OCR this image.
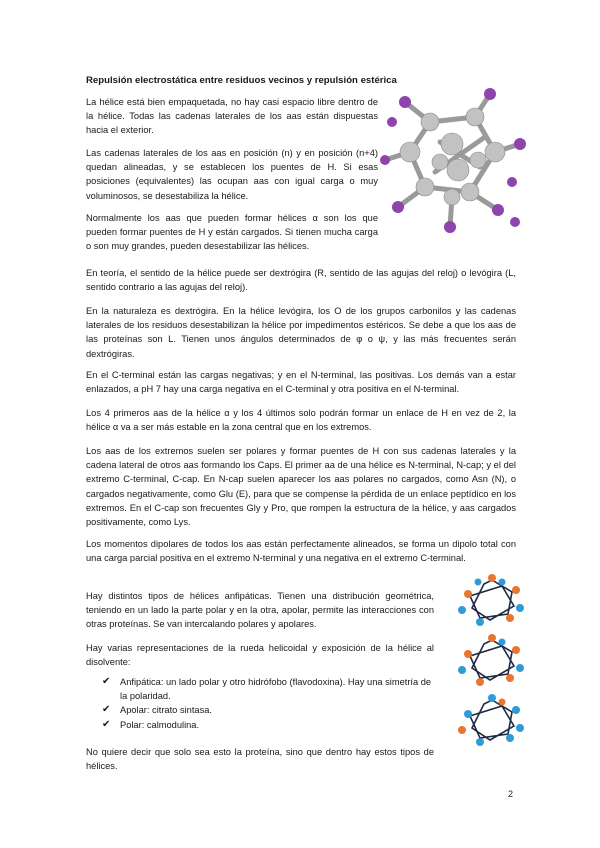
Repulsión electrostática entre residuos vecinos y repulsión estérica

La hélice está bien empaquetada, no hay casi espacio libre dentro de la hélice. Todas las cadenas laterales de los aas están dispuestas hacia el exterior.

Las cadenas laterales de los aas en posición (n) y en posición (n+4) quedan alineadas, y se establecen los puentes de H. Si esas posiciones (equivalentes) las ocupan aas con igual carga o muy voluminosos, se desestabiliza la hélice.

Normalmente los aas que pueden formar hélices α son los que pueden formar puentes de H y están cargados. Si tienen mucha carga o son muy grandes, pueden desestabilizar las hélices.

En teoría, el sentido de la hélice puede ser dextrógira (R, sentido de las agujas del reloj) o levógira (L, sentido contrario a las agujas del reloj).

En la naturaleza es dextrógira. En la hélice levógira, los O de los grupos carbonilos y las cadenas laterales de los residuos desestabilizan la hélice por impedimentos estéricos. Se debe a que los aas de las proteínas son L. Tienen unos ángulos determinados de φ o ψ, y las más frecuentes serán dextrógiras.

En el C-terminal están las cargas negativas; y en el N-terminal, las positivas. Los demás van a estar enlazados, a pH 7 hay una carga negativa en el C-terminal y otra positiva en el N-terminal.

Los 4 primeros aas de la hélice α y los 4 últimos solo podrán formar un enlace de H en vez de 2, la hélice α va a ser más estable en la zona central que en los extremos.

Los aas de los extremos suelen ser polares y formar puentes de H con sus cadenas laterales y la cadena lateral de otros aas formando los Caps. El primer aa de una hélice es N-terminal, N-cap; y el del extremo C-terminal, C-cap. En N-cap suelen aparecer los aas polares no cargados, como Asn (N), o cargados negativamente, como Glu (E), para que se compense la pérdida de un enlace peptídico en los extremos. En el C-cap son frecuentes Gly y Pro, que rompen la estructura de la hélice, y aas cargados positivamente, como Lys.

Los momentos dipolares de todos los aas están perfectamente alineados, se forma un dipolo total con una carga parcial positiva en el extremo N-terminal y una negativa en el extremo C-terminal.

Hay distintos tipos de hélices anfipáticas. Tienen una distribución geométrica, teniendo en un lado la parte polar y en la otra, apolar, permite las interacciones con otras proteínas. Se van intercalando polares y apolares.

Hay varias representaciones de la rueda helicoidal y exposición de la hélice al disolvente:

✔ Anfipática: un lado polar y otro hidrófobo (flavodoxina). Hay una simetría de la polaridad.
✔ Apolar: citrato sintasa.
✔ Polar: calmodulina.

No quiere decir que solo sea esto la proteína, sino que dentro hay estos tipos de hélices.

2
